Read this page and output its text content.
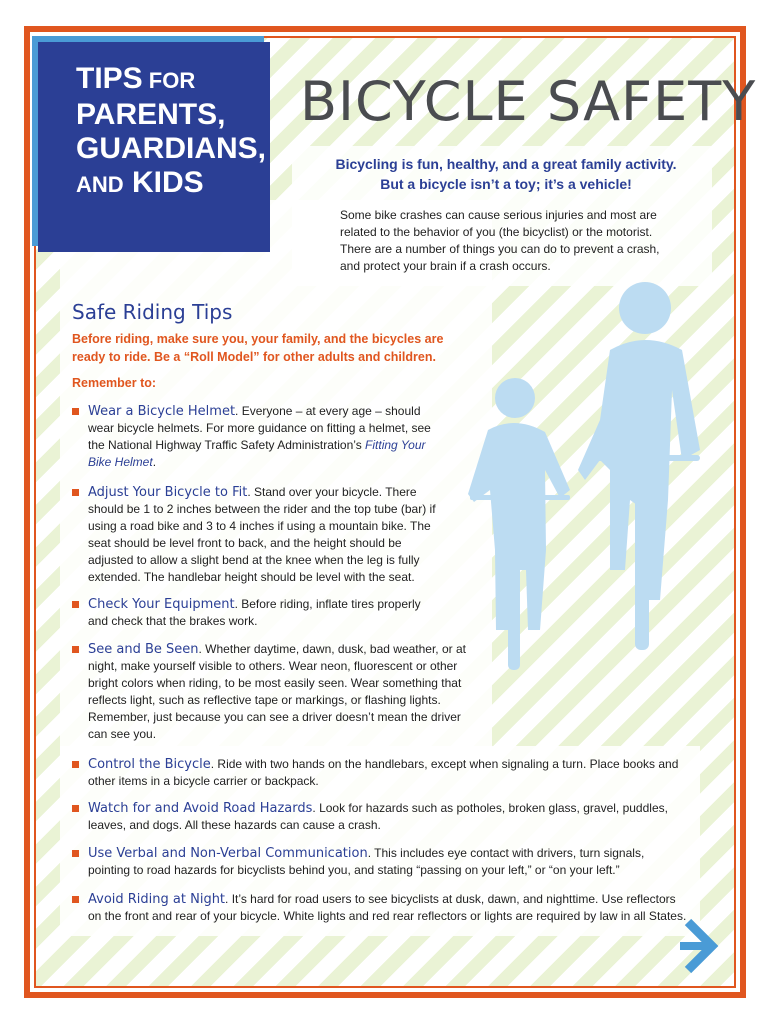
TIPS FOR
PARENTS,
GUARDIANS,
AND KIDS
BICYCLE SAFETY
Bicycling is fun, healthy, and a great family activity.
But a bicycle isn’t a toy; it’s a vehicle!
Some bike crashes can cause serious injuries and most are related to the behavior of you (the bicyclist) or the motorist. There are a number of things you can do to prevent a crash, and protect your brain if a crash occurs.
Safe Riding Tips
Before riding, make sure you, your family, and the bicycles are ready to ride. Be a “Roll Model” for other adults and children.
Remember to:
Wear a Bicycle Helmet. Everyone – at every age – should wear bicycle helmets. For more guidance on fitting a helmet, see the National Highway Traffic Safety Administration’s Fitting Your Bike Helmet.
Adjust Your Bicycle to Fit. Stand over your bicycle. There should be 1 to 2 inches between the rider and the top tube (bar) if using a road bike and 3 to 4 inches if using a mountain bike. The seat should be level front to back, and the height should be adjusted to allow a slight bend at the knee when the leg is fully extended. The handlebar height should be level with the seat.
Check Your Equipment. Before riding, inflate tires properly and check that the brakes work.
See and Be Seen. Whether daytime, dawn, dusk, bad weather, or at night, make yourself visible to others. Wear neon, fluorescent or other bright colors when riding, to be most easily seen. Wear something that reflects light, such as reflective tape or markings, or flashing lights. Remember, just because you can see a driver doesn’t mean the driver can see you.
Control the Bicycle. Ride with two hands on the handlebars, except when signaling a turn. Place books and other items in a bicycle carrier or backpack.
Watch for and Avoid Road Hazards. Look for hazards such as potholes, broken glass, gravel, puddles, leaves, and dogs. All these hazards can cause a crash.
Use Verbal and Non-Verbal Communication. This includes eye contact with drivers, turn signals, pointing to road hazards for bicyclists behind you, and stating “passing on your left,” or “on your left.”
Avoid Riding at Night. It’s hard for road users to see bicyclists at dusk, dawn, and nighttime. Use reflectors on the front and rear of your bicycle. White lights and red rear reflectors or lights are required by law in all States.
